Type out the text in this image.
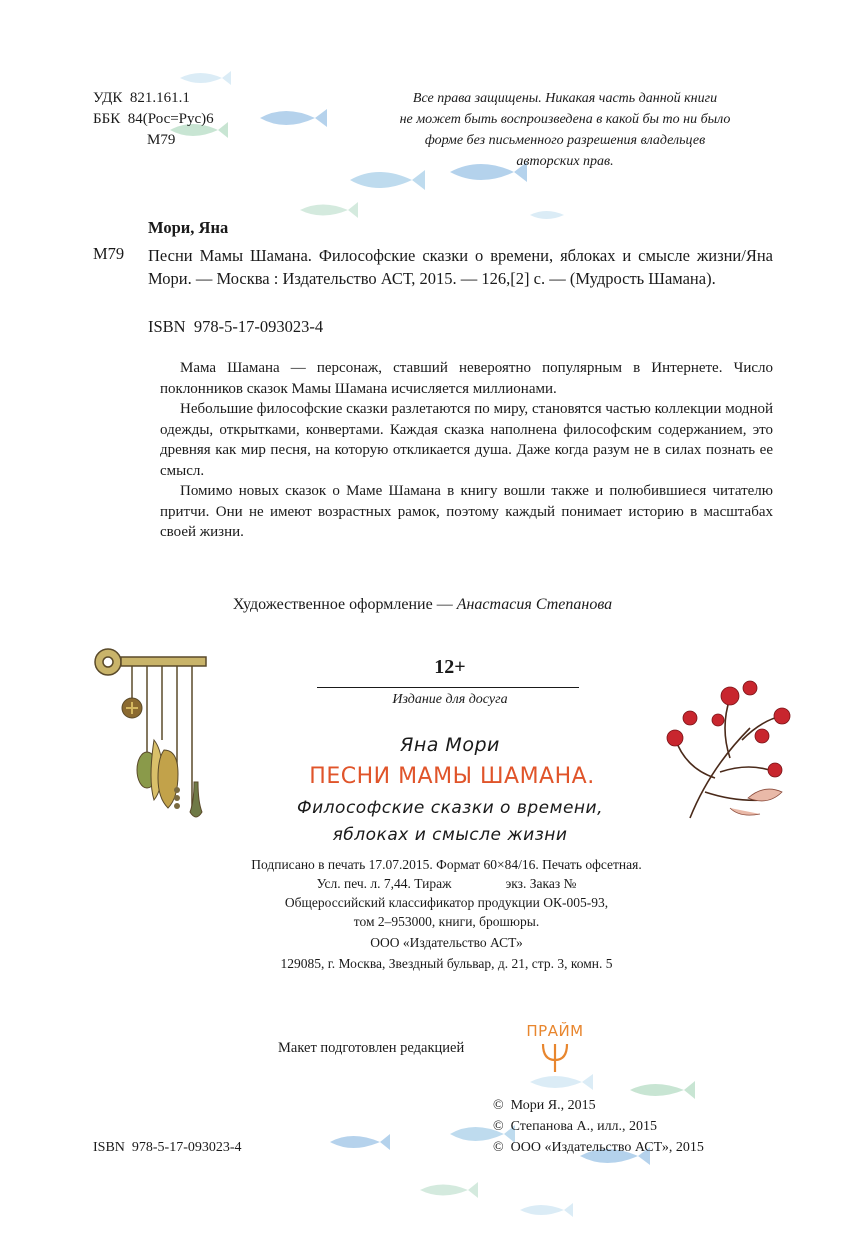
УДК  821.161.1
ББК  84(Рос=Рус)6
М79
Все права защищены. Никакая часть данной книги
не может быть воспроизведена в какой бы то ни было
форме без письменного разрешения владельцев
авторских прав.
Мори, Яна
М79 Песни Мамы Шамана. Философские сказки о времени, яблоках и смысле жизни/Яна Мори. — Москва : Издательство АСТ, 2015. — 126,[2] с. — (Мудрость Шамана).
ISBN  978-5-17-093023-4

Мама Шамана — персонаж, ставший невероятно популярным в Интернете. Число поклонников сказок Мамы Шамана исчисляется миллионами.

Небольшие философские сказки разлетаются по миру, становятся частью коллекции модной одежды, открытками, конвертами. Каждая сказка наполнена философским содержанием, это древняя как мир песня, на которую откликается душа. Даже когда разум не в силах познать ее смысл.

Помимо новых сказок о Маме Шамана в книгу вошли также и полюбившиеся читателю притчи. Они не имеют возрастных рамок, поэтому каждый понимает историю в масштабах своей жизни.

Художественное оформление — Анастасия Степанова
12+
Издание для досуга
Яна Мори
ПЕСНИ МАМЫ ШАМАНА.
Философские сказки о времени,
яблоках и смысле жизни
Подписано в печать 17.07.2015. Формат 60×84/16. Печать офсетная.
Усл. печ. л. 7,44. Тираж                экз. Заказ №
Общероссийский классификатор продукции ОК-005-93,
том 2–953000, книги, брошюры.
ООО «Издательство АСТ»
129085, г. Москва, Звездный бульвар, д. 21, стр. 3, комн. 5
Макет подготовлен редакцией
ПРАЙМ
ISBN  978-5-17-093023-4
©  Мори Я., 2015
©  Степанова А., илл., 2015
©  ООО «Издательство АСТ», 2015
